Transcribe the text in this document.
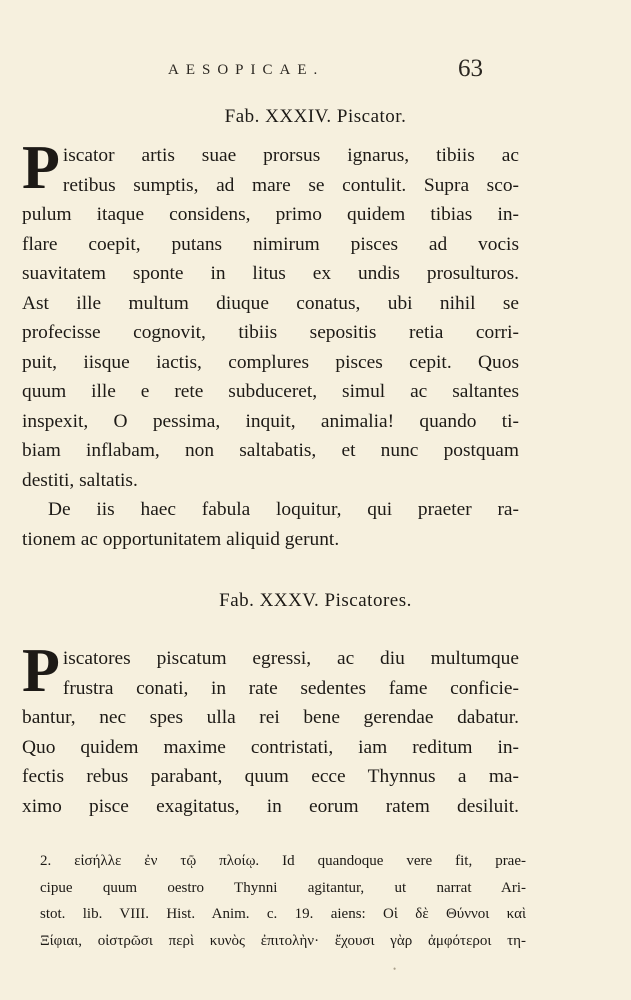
AESOPICAE.	63
Fab. XXXIV. Piscator.
P iscator artis suae prorsus ignarus, tibiis ac
retibus sumptis, ad mare se contulit. Supra sco-
pulum itaque considens, primo quidem tibias in-
flare coepit, putans nimirum pisces ad vocis
suavitatem sponte in litus ex undis prosulturos.
Ast ille multum diuque conatus, ubi nihil se
profecisse cognovit, tibiis sepositis retia corri-
puit, iisque iactis, complures pisces cepit. Quos
quum ille e rete subduceret, simul ac saltantes
inspexit, O pessima, inquit, animalia! quando ti-
biam inflabam, non saltabatis, et nunc postquam
destiti, saltatis.
De iis haec fabula loquitur, qui praeter ra-
tionem ac opportunitatem aliquid gerunt.
Fab. XXXV. Piscatores.
P iscatores piscatum egressi, ac diu multumque
frustra conati, in rate sedentes fame conficie-
bantur, nec spes ulla rei bene gerendae dabatur.
Quo quidem maxime contristati, iam reditum in-
fectis rebus parabant, quum ecce Thynnus a ma-
ximo pisce exagitatus, in eorum ratem desiluit.
2. εἰσήλλε ἐν τῷ πλοίῳ. Id quandoque vere fit, prae-
cipue quum oestro Thynni agitantur, ut narrat Ari-
stot. lib. VIII. Hist. Anim. c. 19. aiens: Οἱ δὲ Θύννοι καὶ
Ξίφιαι, οἰστρῶσι περὶ κυνὸς ἐπιτολὴν· ἔχουσι γὰρ ἀμφότεροι τη-
•
